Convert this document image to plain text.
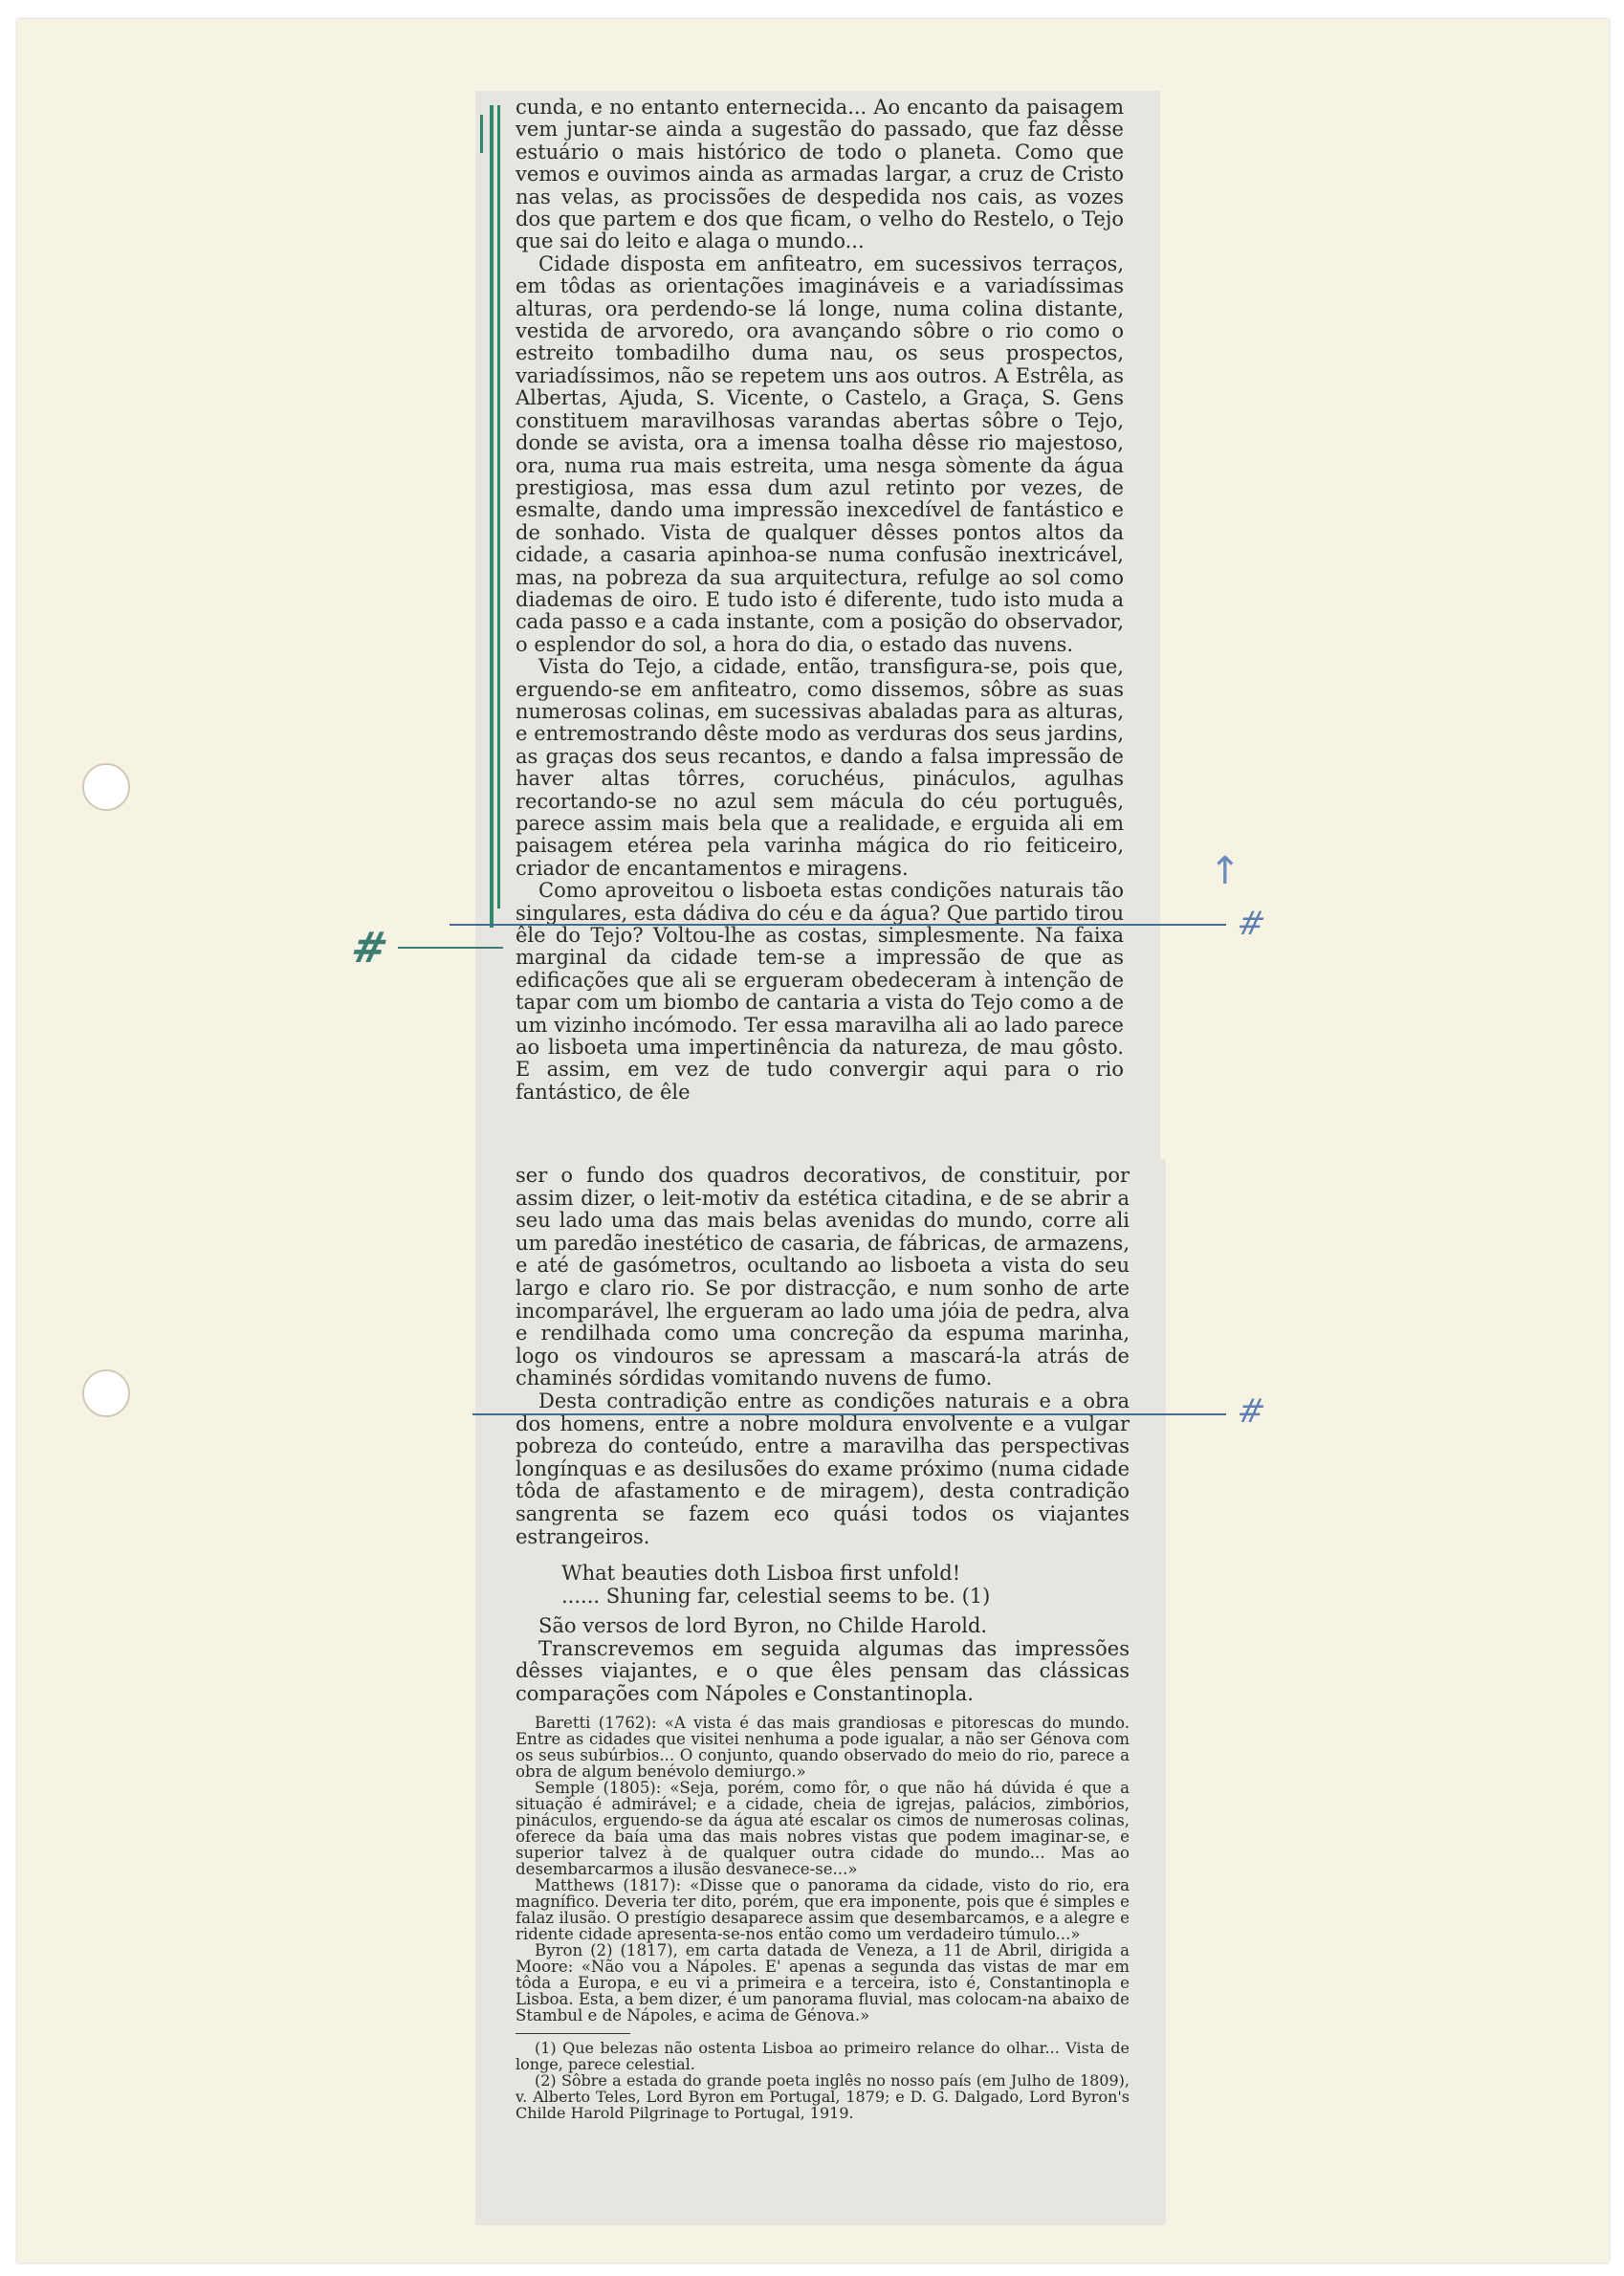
cunda, e no entanto enternecida... Ao encanto da paisagem vem juntar-se ainda a sugestão do passado, que faz dêsse estuário o mais histórico de todo o planeta. Como que vemos e ouvimos ainda as armadas largar, a cruz de Cristo nas velas, as procissões de despedida nos cais, as vozes dos que partem e dos que ficam, o velho do Restelo, o Tejo que sai do leito e alaga o mundo...

Cidade disposta em anfiteatro, em sucessivos terraços, em tôdas as orientações imagináveis e a variadíssimas alturas, ora perdendo-se lá longe, numa colina distante, vestida de arvoredo, ora avançando sôbre o rio como o estreito tombadilho duma nau, os seus prospectos, variadíssimos, não se repetem uns aos outros. A Estrêla, as Albertas, Ajuda, S. Vicente, o Castelo, a Graça, S. Gens constituem maravilhosas varandas abertas sôbre o Tejo, donde se avista, ora a imensa toalha dêsse rio majestoso, ora, numa rua mais estreita, uma nesga sòmente da água prestigiosa, mas essa dum azul retinto por vezes, de esmalte, dando uma impressão inexcedível de fantástico e de sonhado. Vista de qualquer dêsses pontos altos da cidade, a casaria apinhoa-se numa confusão inextricável, mas, na pobreza da sua arquitectura, refulge ao sol como diademas de oiro. E tudo isto é diferente, tudo isto muda a cada passo e a cada instante, com a posição do observador, o esplendor do sol, a hora do dia, o estado das nuvens.

Vista do Tejo, a cidade, então, transfigura-se, pois que, erguendo-se em anfiteatro, como dissemos, sôbre as suas numerosas colinas, em sucessivas abaladas para as alturas, e entremostrando dêste modo as verduras dos seus jardins, as graças dos seus recantos, e dando a falsa impressão de haver altas tôrres, coruchéus, pináculos, agulhas recortando-se no azul sem mácula do céu português, parece assim mais bela que a realidade, e erguida ali em paisagem etérea pela varinha mágica do rio feiticeiro, criador de encantamentos e miragens.

Como aproveitou o lisboeta estas condições naturais tão singulares, esta dádiva do céu e da água? Que partido tirou êle do Tejo? Voltou-lhe as costas, simplesmente. Na faixa marginal da cidade tem-se a impressão de que as edificações que ali se ergueram obedeceram à intenção de tapar com um biombo de cantaria a vista do Tejo como a de um vizinho incómodo. Ter essa maravilha ali ao lado parece ao lisboeta uma impertinência da natureza, de mau gôsto. E assim, em vez de tudo convergir aqui para o rio fantástico, de êle

ser o fundo dos quadros decorativos, de constituir, por assim dizer, o leit-motiv da estética citadina, e de se abrir a seu lado uma das mais belas avenidas do mundo, corre ali um paredão inestético de casaria, de fábricas, de armazens, e até de gasómetros, ocultando ao lisboeta a vista do seu largo e claro rio. Se por distracção, e num sonho de arte incomparável, lhe ergueram ao lado uma jóia de pedra, alva e rendilhada como uma concreção da espuma marinha, logo os vindouros se apressam a mascará-la atrás de chaminés sórdidas vomitando nuvens de fumo.

Desta contradição entre as condições naturais e a obra dos homens, entre a nobre moldura envolvente e a vulgar pobreza do conteúdo, entre a maravilha das perspectivas longínquas e as desilusões do exame próximo (numa cidade tôda de afastamento e de miragem), desta contradição sangrenta se fazem eco quási todos os viajantes estrangeiros.

What beauties doth Lisboa first unfold!
...... Shuning far, celestial seems to be. (1)

São versos de lord Byron, no Childe Harold.

Transcrevemos em seguida algumas das impressões dêsses viajantes, e o que êles pensam das clássicas comparações com Nápoles e Constantinopla.

Baretti (1762): «A vista é das mais grandiosas e pitorescas do mundo. Entre as cidades que visitei nenhuma a pode igualar, a não ser Génova com os seus subúrbios... O conjunto, quando observado do meio do rio, parece a obra de algum benévolo demiurgo.»

Semple (1805): «Seja, porém, como fôr, o que não há dúvida é que a situação é admirável; e a cidade, cheia de igrejas, palácios, zimbórios, pináculos, erguendo-se da água até escalar os cimos de numerosas colinas, oferece da baía uma das mais nobres vistas que podem imaginar-se, e superior talvez à de qualquer outra cidade do mundo... Mas ao desembarcarmos a ilusão desvanece-se...»

Matthews (1817): «Disse que o panorama da cidade, visto do rio, era magnífico. Deveria ter dito, porém, que era imponente, pois que é simples e falaz ilusão. O prestígio desaparece assim que desembarcamos, e a alegre e ridente cidade apresenta-se-nos então como um verdadeiro túmulo...»

Byron (2) (1817), em carta datada de Veneza, a 11 de Abril, dirigida a Moore: «Não vou a Nápoles. E' apenas a segunda das vistas de mar em tôda a Europa, e eu vi a primeira e a terceira, isto é, Constantinopla e Lisboa. Esta, a bem dizer, é um panorama fluvial, mas colocam-na abaixo de Stambul e de Nápoles, e acima de Génova.»

(1) Que belezas não ostenta Lisboa ao primeiro relance do olhar... Vista de longe, parece celestial.

(2) Sôbre a estada do grande poeta inglês no nosso país (em Julho de 1809), v. Alberto Teles, Lord Byron em Portugal, 1879; e D. G. Dalgado, Lord Byron's Childe Harold Pilgrinage to Portugal, 1919.

#	#
↑
#
